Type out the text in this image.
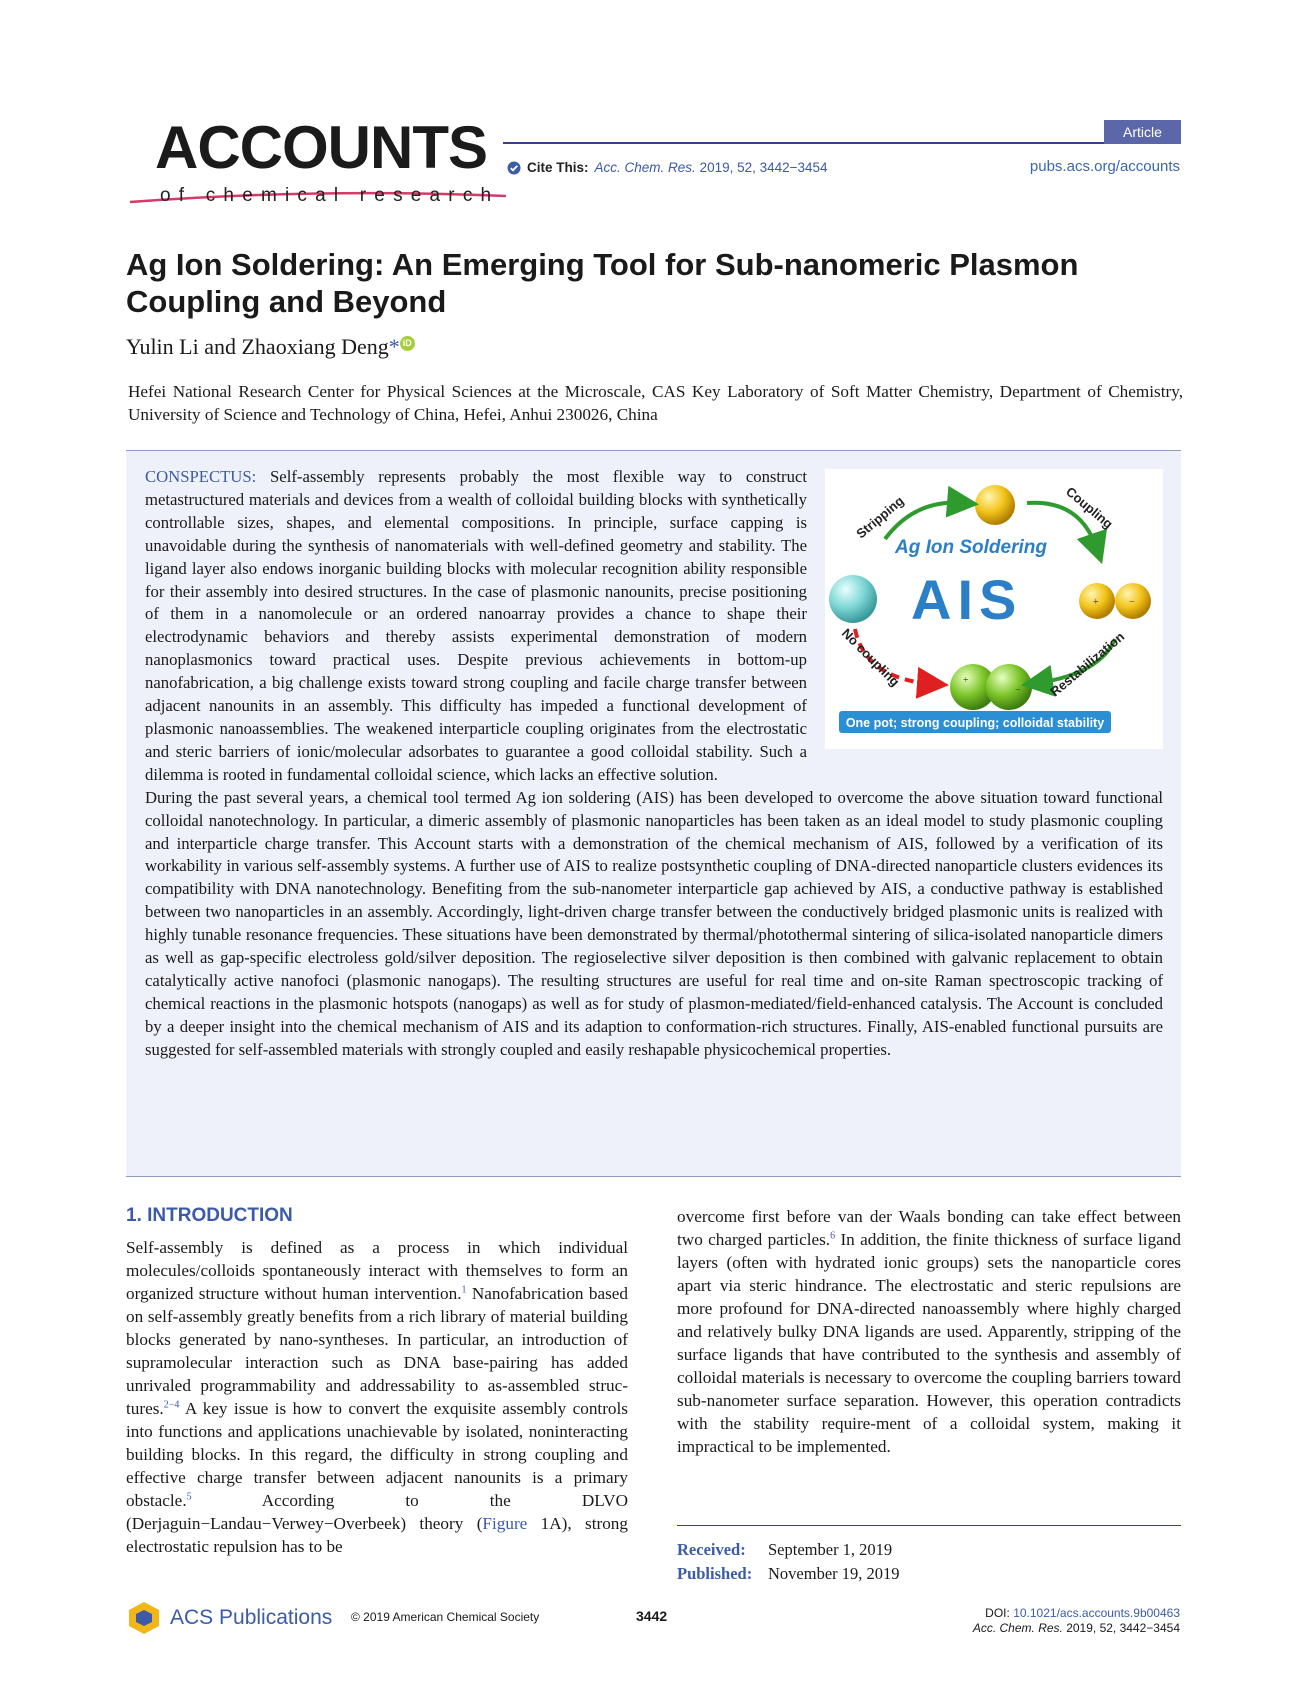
ACCOUNTS
of chemical research
Article
Cite This: Acc. Chem. Res. 2019, 52, 3442−3454	pubs.acs.org/accounts
Ag Ion Soldering: An Emerging Tool for Sub-nanomeric Plasmon Coupling and Beyond
Yulin Li and Zhaoxiang Deng* iD
Hefei National Research Center for Physical Sciences at the Microscale, CAS Key Laboratory of Soft Matter Chemistry, Department of Chemistry, University of Science and Technology of China, Hefei, Anhui 230026, China
+	−
+
−
Stripping	Coupling
Restabilization
No coupling
Ag Ion Soldering
AIS
One pot; strong coupling; colloidal stability

CONSPECTUS: Self-assembly represents probably the most flexible way to construct metastructured materials and devices from a wealth of colloidal building blocks with synthetically controllable sizes, shapes, and elemental compositions. In principle, surface capping is unavoidable during the synthesis of nanomaterials with well-defined geometry and stability. The ligand layer also endows inorganic building blocks with molecular recognition ability responsible for their assembly into desired structures. In the case of plasmonic nanounits, precise positioning of them in a nanomolecule or an ordered nanoarray provides a chance to shape their electrodynamic behaviors and thereby assists experimental demonstration of modern nanoplasmonics toward practical uses. Despite previous achievements in bottom-up nanofabrication, a big challenge exists toward strong coupling and facile charge transfer between adjacent nanounits in an assembly. This difficulty has impeded a functional development of plasmonic nanoassemblies. The weakened interparticle coupling originates from the electrostatic and steric barriers of ionic/molecular adsorbates to guarantee a good colloidal stability. Such a dilemma is rooted in fundamental colloidal science, which lacks an effective solution.

During the past several years, a chemical tool termed Ag ion soldering (AIS) has been developed to overcome the above situation toward functional colloidal nanotechnology. In particular, a dimeric assembly of plasmonic nanoparticles has been taken as an ideal model to study plasmonic coupling and interparticle charge transfer. This Account starts with a demonstration of the chemical mechanism of AIS, followed by a verification of its workability in various self-assembly systems. A further use of AIS to realize postsynthetic coupling of DNA-directed nanoparticle clusters evidences its compatibility with DNA nanotechnology. Benefiting from the sub-nanometer interparticle gap achieved by AIS, a conductive pathway is established between two nanoparticles in an assembly. Accordingly, light-driven charge transfer between the conductively bridged plasmonic units is realized with highly tunable resonance frequencies. These situations have been demonstrated by thermal/photothermal sintering of silica-isolated nanoparticle dimers as well as gap-specific electroless gold/silver deposition. The regioselective silver deposition is then combined with galvanic replacement to obtain catalytically active nanofoci (plasmonic nanogaps). The resulting structures are useful for real time and on-site Raman spectroscopic tracking of chemical reactions in the plasmonic hotspots (nanogaps) as well as for study of plasmon-mediated/field-enhanced catalysis. The Account is concluded by a deeper insight into the chemical mechanism of AIS and its adaption to conformation-rich structures. Finally, AIS-enabled functional pursuits are suggested for self-assembled materials with strongly coupled and easily reshapable physicochemical properties.

1. INTRODUCTION
Self-assembly is defined as a process in which individual molecules/colloids spontaneously interact with themselves to form an organized structure without human intervention.$^1$ Nanofabrication based on self-assembly greatly benefits from a rich library of material building blocks generated by nano-syntheses. In particular, an introduction of supramolecular interaction such as DNA base-pairing has added unrivaled programmability and addressability to as-assembled struc-tures.$^{2-4}$ A key issue is how to convert the exquisite assembly controls into functions and applications unachievable by isolated, noninteracting building blocks. In this regard, the difficulty in strong coupling and effective charge transfer between adjacent nanounits is a primary obstacle.$^5$ According to the DLVO (Derjaguin−Landau−Verwey−Overbeek) theory (Figure 1A), strong electrostatic repulsion has to be
overcome first before van der Waals bonding can take effect between two charged particles.$^6$ In addition, the finite thickness of surface ligand layers (often with hydrated ionic groups) sets the nanoparticle cores apart via steric hindrance. The electrostatic and steric repulsions are more profound for DNA-directed nanoassembly where highly charged and relatively bulky DNA ligands are used. Apparently, stripping of the surface ligands that have contributed to the synthesis and assembly of colloidal materials is necessary to overcome the coupling barriers toward sub-nanometer surface separation. However, this operation contradicts with the stability require-ment of a colloidal system, making it impractical to be implemented.
Received: September 1, 2019
Published: November 19, 2019
ACS Publications © 2019 American Chemical Society	3442	DOI: 10.1021/acs.accounts.9b00463
Acc. Chem. Res. 2019, 52, 3442−3454
